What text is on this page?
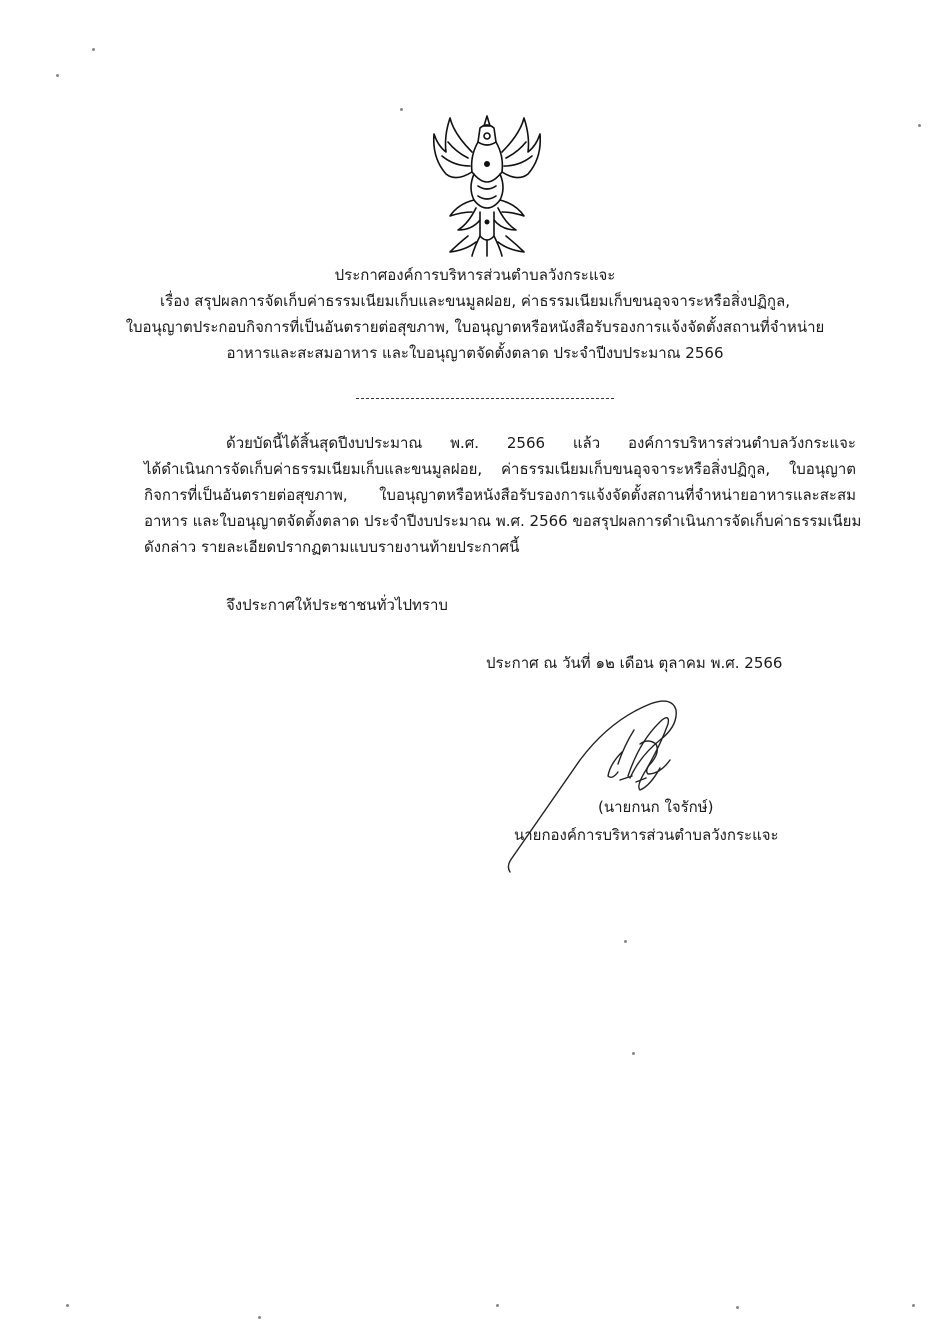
ประกาศองค์การบริหารส่วนตำบลวังกระแจะ
เรื่อง สรุปผลการจัดเก็บค่าธรรมเนียมเก็บและขนมูลฝอย, ค่าธรรมเนียมเก็บขนอุจจาระหรือสิ่งปฏิกูล,
ใบอนุญาตประกอบกิจการที่เป็นอันตรายต่อสุขภาพ, ใบอนุญาตหรือหนังสือรับรองการแจ้งจัดตั้งสถานที่จำหน่าย
อาหารและสะสมอาหาร และใบอนุญาตจัดตั้งตลาด ประจำปีงบประมาณ 2566
ด้วยบัดนี้ได้สิ้นสุดปีงบประมาณ พ.ศ. 2566 แล้ว องค์การบริหารส่วนตำบลวังกระแจะ
ได้ดำเนินการจัดเก็บค่าธรรมเนียมเก็บและขนมูลฝอย, ค่าธรรมเนียมเก็บขนอุจจาระหรือสิ่งปฏิกูล, ใบอนุญาต
กิจการที่เป็นอันตรายต่อสุขภาพ, ใบอนุญาตหรือหนังสือรับรองการแจ้งจัดตั้งสถานที่จำหน่ายอาหารและสะสม
อาหาร และใบอนุญาตจัดตั้งตลาด ประจำปีงบประมาณ พ.ศ. 2566 ขอสรุปผลการดำเนินการจัดเก็บค่าธรรมเนียม
ดังกล่าว รายละเอียดปรากฏตามแบบรายงานท้ายประกาศนี้
จึงประกาศให้ประชาชนทั่วไปทราบ
ประกาศ ณ วันที่ ๑๒ เดือน ตุลาคม พ.ศ. 2566
(นายกนก ใจรักษ์)
นายกองค์การบริหารส่วนตำบลวังกระแจะ
